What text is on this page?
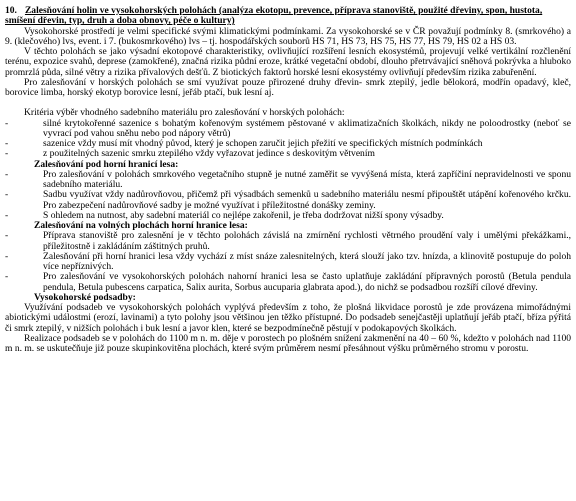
10. Zalesňování holin ve vysokohorských polohách (analýza ekotopu, prevence, příprava stanoviště, použité dřeviny, spon, hustota, smíšení dřevin, typ, druh a doba obnovy, péče o kultury)

Vysokohorské prostředí je velmi specifické svými klimatickými podmínkami. Za vysokohorské se v ČR považují podmínky 8. (smrkového) a 9. (klečového) lvs, event. i 7. (bukosmrkového) lvs – tj. hospodářských souborů HS 71, HS 73, HS 75, HS 77, HS 79, HS 02 a HS 03.

V těchto polohách se jako výsadní ekotopové charakteristiky, ovlivňující rozšíření lesních ekosystémů, projevují velké vertikální rozčlenění terénu, expozice svahů, deprese (zamokřené), značná rizika půdní eroze, krátké vegetační období, dlouho přetrvávající sněhová pokrývka a hluboko promrzlá půda, silné větry a rizika přívalových dešťů. Z biotických faktorů horské lesní ekosystémy ovlivňují především rizika zabuřenění.

Pro zalesňování v horských polohách se smí využívat pouze přirozené druhy dřevin- smrk ztepilý, jedle bělokorá, modřín opadavý, kleč, borovice limba, horský ekotyp borovice lesní, jeřáb ptačí, buk lesní aj.

Kritéria výběr vhodného sadebního materiálu pro zalesňování v horských polohách:

-	silné krytokořenné sazenice s bohatým kořenovým systémem pěstované v aklimatizačních školkách, nikdy ne poloodrostky (neboť se vyvrací pod vahou sněhu nebo pod nápory větrů)

-	sazenice vždy musí mít vhodný původ, který je schopen zaručit jejich přežití ve specifických místních podmínkách

-	z použitelných sazenic smrku ztepilého vždy vyřazovat jedince s deskovitým větvením

Zalesňování pod horní hranicí lesa:

-	Pro zalesňování v polohách smrkového vegetačního stupně je nutné zaměřit se vyvýšená místa, která zapříčiní nepravidelnosti ve sponu sadebního materiálu.

-	Sadbu využívat vždy nadůrovňovou, přičemž při výsadbách semenků u sadebního materiálu nesmí připouštět utápění kořenového krčku. Pro zabezpečení nadůrovňové sadby je možné využívat i příležitostné donášky zeminy.

-	S ohledem na nutnost, aby sadební materiál co nejlépe zakořenil, je třeba dodržovat nižší spony výsadby.

Zalesňování na volných plochách horní hranice lesa:

-	Příprava stanoviště pro zalesnění je v těchto polohách závislá na zmírnění rychlosti větrného proudění valy i umělými překážkami., příležitostně i zakládáním záštitných pruhů.

-	Zalesňování při horní hranici lesa vždy vychází z míst snáze zalesnitelných, která slouží jako tzv. hnízda, a klinovitě postupuje do poloh více nepříznivých.

-	Pro zalesňování ve vysokohorských polohách nahorní hranici lesa se často uplatňuje zakládání přípravných porostů (Betula pendula pendula, Betula pubescens carpatica, Salix aurita, Sorbus aucuparia glabrata apod.), do nichž se podsadbou rozšíří cílové dřeviny.

Vysokohorské podsadby:

Využívání podsadeb ve vysokohorských polohách vyplývá především z toho, že plošná likvidace porostů je zde provázena mimořádnými abiotickými událostmi (erozí, lavinami) a tyto polohy jsou většinou jen těžko přístupné. Do podsadeb senejčastěji uplatňují jeřáb ptačí, bříza pýřitá či smrk ztepilý, v nižších polohách i buk lesní a javor klen, které se bezpodmínečně pěstují v podokapových školkách.

Realizace podsadeb se v polohách do 1100 m n. m. děje v porostech po plošném snížení zakmenění na 40 – 60 %, kdežto v polohách nad 1100 m n. m. se uskutečňuje již pouze skupinkovitěna plochách, které svým průměrem nesmí přesáhnout výšku průměrného stromu v porostu.
